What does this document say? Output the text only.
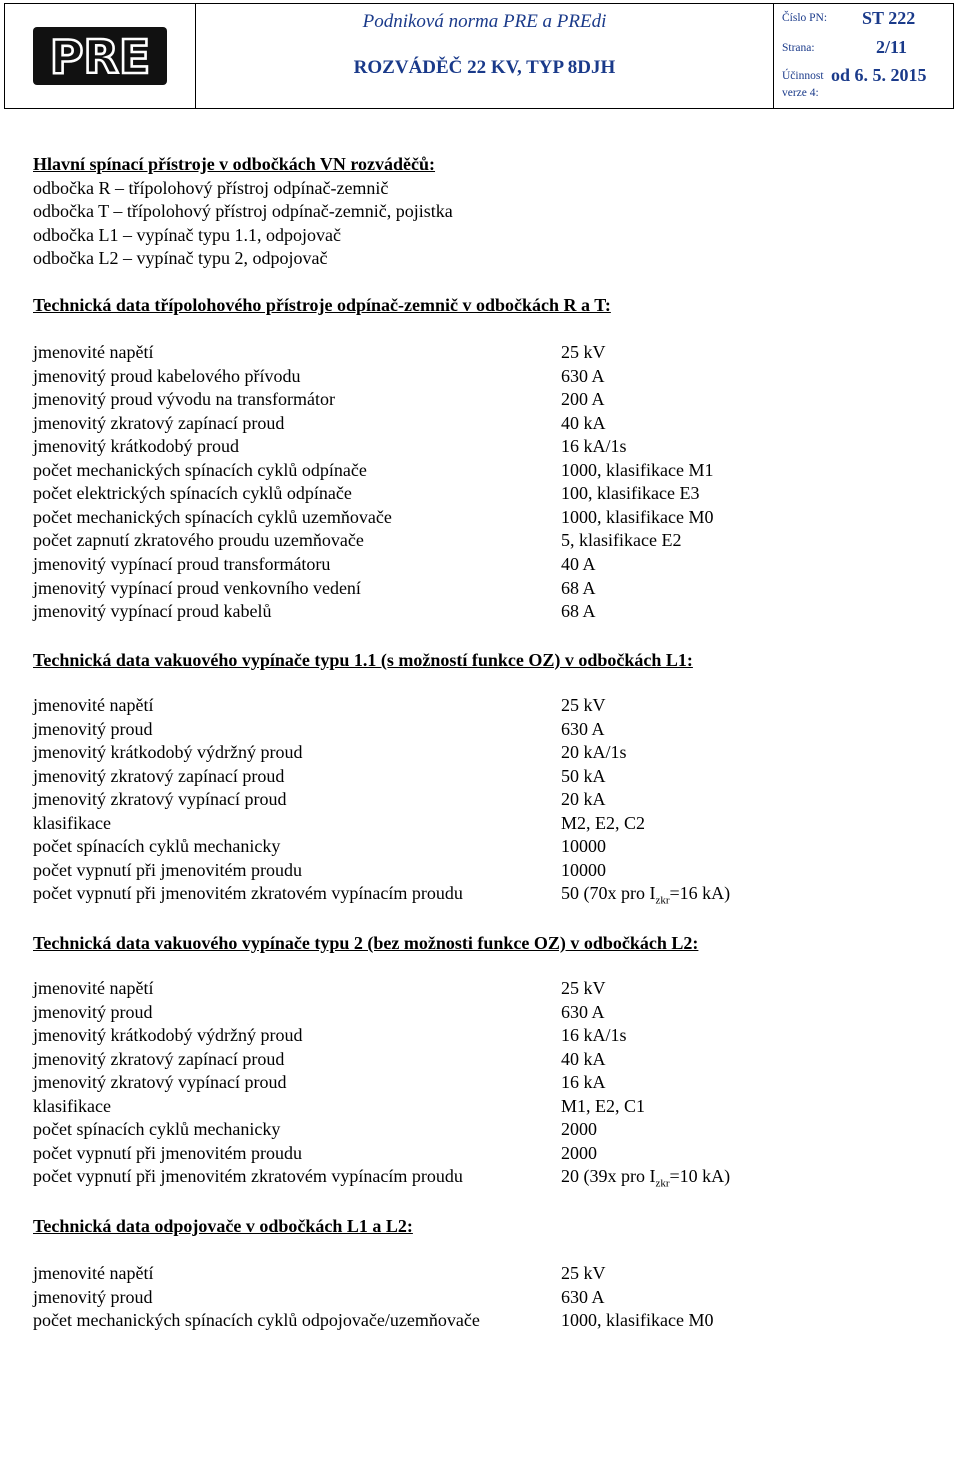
PRE
Podniková norma PRE a PREdi
ROZVÁDĚČ 22 KV, TYP 8DJH
Číslo PN:	ST 222
Strana:	2/11
Účinnost od 6. 5. 2015
verze 4:
Hlavní spínací přístroje v odbočkách VN rozváděčů:
odbočka R – třípolohový přístroj odpínač-zemnič
odbočka T – třípolohový přístroj odpínač-zemnič, pojistka
odbočka L1 – vypínač typu 1.1, odpojovač
odbočka L2 – vypínač typu 2, odpojovač
Technická data třípolohového přístroje odpínač-zemnič v odbočkách R a T:
jmenovité napětí	25 kV
jmenovitý proud kabelového přívodu	630 A
jmenovitý proud vývodu na transformátor	200 A
jmenovitý zkratový zapínací proud	40 kA
jmenovitý krátkodobý proud	16 kA/1s
počet mechanických spínacích cyklů odpínače	1000, klasifikace M1
počet elektrických spínacích cyklů odpínače	100, klasifikace E3
počet mechanických spínacích cyklů uzemňovače	1000, klasifikace M0
počet zapnutí zkratového proudu uzemňovače	5, klasifikace E2
jmenovitý vypínací proud transformátoru	40 A
jmenovitý vypínací proud venkovního vedení	68 A
jmenovitý vypínací proud kabelů	68 A
Technická data vakuového vypínače typu 1.1 (s možností funkce OZ) v odbočkách L1:
jmenovité napětí	25 kV
jmenovitý proud	630 A
jmenovitý krátkodobý výdržný proud	20 kA/1s
jmenovitý zkratový zapínací proud	50 kA
jmenovitý zkratový vypínací proud	20 kA
klasifikace	M2, E2, C2
počet spínacích cyklů mechanicky	10000
počet vypnutí při jmenovitém proudu	10000
počet vypnutí při jmenovitém zkratovém vypínacím proudu	50 (70x pro $I_{zkr}=16$ kA)
Technická data vakuového vypínače typu 2 (bez možnosti funkce OZ) v odbočkách L2:
jmenovité napětí	25 kV
jmenovitý proud	630 A
jmenovitý krátkodobý výdržný proud	16 kA/1s
jmenovitý zkratový zapínací proud	40 kA
jmenovitý zkratový vypínací proud	16 kA
klasifikace	M1, E2, C1
počet spínacích cyklů mechanicky	2000
počet vypnutí při jmenovitém proudu	2000
počet vypnutí při jmenovitém zkratovém vypínacím proudu	20 (39x pro $I_{zkr}=10$ kA)
Technická data odpojovače v odbočkách L1 a L2:
jmenovité napětí	25 kV
jmenovitý proud	630 A
počet mechanických spínacích cyklů odpojovače/uzemňovače	1000, klasifikace M0
